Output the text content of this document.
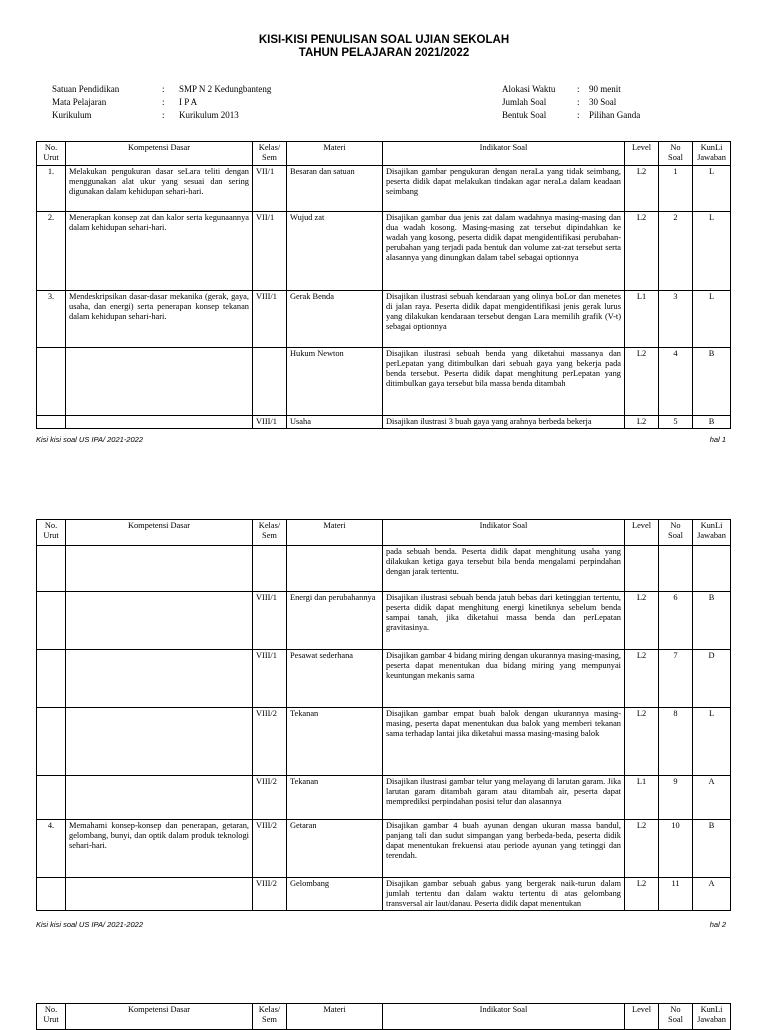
KISI-KISI PENULISAN SOAL UJIAN SEKOLAH
TAHUN PELAJARAN 2021/2022
Satuan Pendidikan	: SMP N 2 Kedungbanteng
Mata Pelajaran	: I P A
Kurikulum	: Kurikulum 2013
Alokasi Waktu : 90 menit
Jumlah Soal	: 30 Soal
Bentuk Soal	: Pilihan Ganda
No. Urut	Kompetensi Dasar	Kelas/ Sem	Materi	Indikator Soal	Level	No Soal	KunLi Jawaban
1.	Melakukan pengukuran dasar seLara teliti dengan menggunakan alat ukur yang sesuai dan sering digunakan dalam kehidupan sehari-hari.	VII/1	Besaran dan satuan	Disajikan gambar pengukuran dengan neraLa yang tidak seimbang, peserta didik dapat melakukan tindakan agar neraLa dalam keadaan seimbang	L2	1	L
2.	Menerapkan konsep zat dan kalor serta kegunaannya dalam kehidupan sehari-hari.	VII/1	Wujud zat	Disajikan gambar dua jenis zat dalam wadahnya masing-masing dan dua wadah kosong. Masing-masing zat tersebut dipindahkan ke wadah yang kosong, peserta didik dapat mengidentifikasi perubahan-perubahan yang terjadi pada bentuk dan volume zat-zat tersebut serta alasannya yang dinungkan dalam tabel sebagai optionnya	L2	2	L
3.	Mendeskripsikan dasar-dasar mekanika (gerak, gaya, usaha, dan energi) serta penerapan konsep tekanan dalam kehidupan sehari-hari.	VIII/1	Gerak Benda	Disajikan ilustrasi sebuah kendaraan yang olinya boLor dan menetes di jalan raya. Peserta didik dapat mengidentifikasi jenis gerak lurus yang dilakukan kendaraan tersebut dengan Lara memilih grafik (V-t) sebagai optionnya	L1	3	L
			Hukum Newton	Disajikan ilustrasi sebuah benda yang diketahui massanya dan perLepatan yang ditimbulkan dari sebuah gaya yang bekerja pada benda tersebut. Peserta didik dapat menghitung perLepatan yang ditimbulkan gaya tersebut bila massa benda ditambah	L2	4	B
		VIII/1	Usaha	Disajikan ilustrasi 3 buah gaya yang arahnya berbeda bekerja	L2	5	B
Kisi kisi soal US IPA/ 2021-2022	hal 1
No. Urut	Kompetensi Dasar	Kelas/ Sem	Materi	Indikator Soal	Level	No Soal	KunLi Jawaban
				pada sebuah benda. Peserta didik dapat menghitung usaha yang dilakukan ketiga gaya tersebut bila benda mengalami perpindahan dengan jarak tertentu.			
		VIII/1	Energi dan perubahannya	Disajikan ilustrasi sebuah benda jatuh bebas dari ketinggian tertentu, peserta didik dapat menghitung energi kinetiknya sebelum benda sampai tanah, jika diketahui massa benda dan perLepatan gravitasinya.	L2	6	B
		VIII/1	Pesawat sederhana	Disajikan gambar 4 bidang miring dengan ukurannya masing-masing, peserta dapat menentukan dua bidang miring yang mempunyai keuntungan mekanis sama	L2	7	D
		VIII/2	Tekanan	Disajikan gambar empat buah balok dengan ukurannya masing-masing, peserta dapat menentukan dua balok yang memberi tekanan sama terhadap lantai jika diketahui massa masing-masing balok	L2	8	L
		VIII/2	Tekanan	Disajikan ilustrasi gambar telur yang melayang di larutan garam. Jika larutan garam ditambah garam atau ditambah air, peserta dapat memprediksi perpindahan posisi telur dan alasannya	L1	9	A
4.	Memahami konsep-konsep dan penerapan, getaran, gelombang, bunyi, dan optik dalam produk teknologi sehari-hari.	VIII/2	Getaran	Disajikan gambar 4 buah ayunan dengan ukuran massa bandul, panjang tali dan sudut simpangan yang berbeda-beda, peserta didik dapat menentukan frekuensi atau periode ayunan yang tetinggi dan terendah.	L2	10	B
		VIII/2	Gelombang	Disajikan gambar sebuah gabus yang bergerak naik-turun dalam jumlah tertentu dan dalam waktu tertentu di atas gelombang transversal air laut/danau. Peserta didik dapat menentukan	L2	11	A
Kisi kisi soal US IPA/ 2021-2022	hal 2
No. Urut	Kompetensi Dasar	Kelas/ Sem	Materi	Indikator Soal	Level	No Soal	KunLi Jawaban
